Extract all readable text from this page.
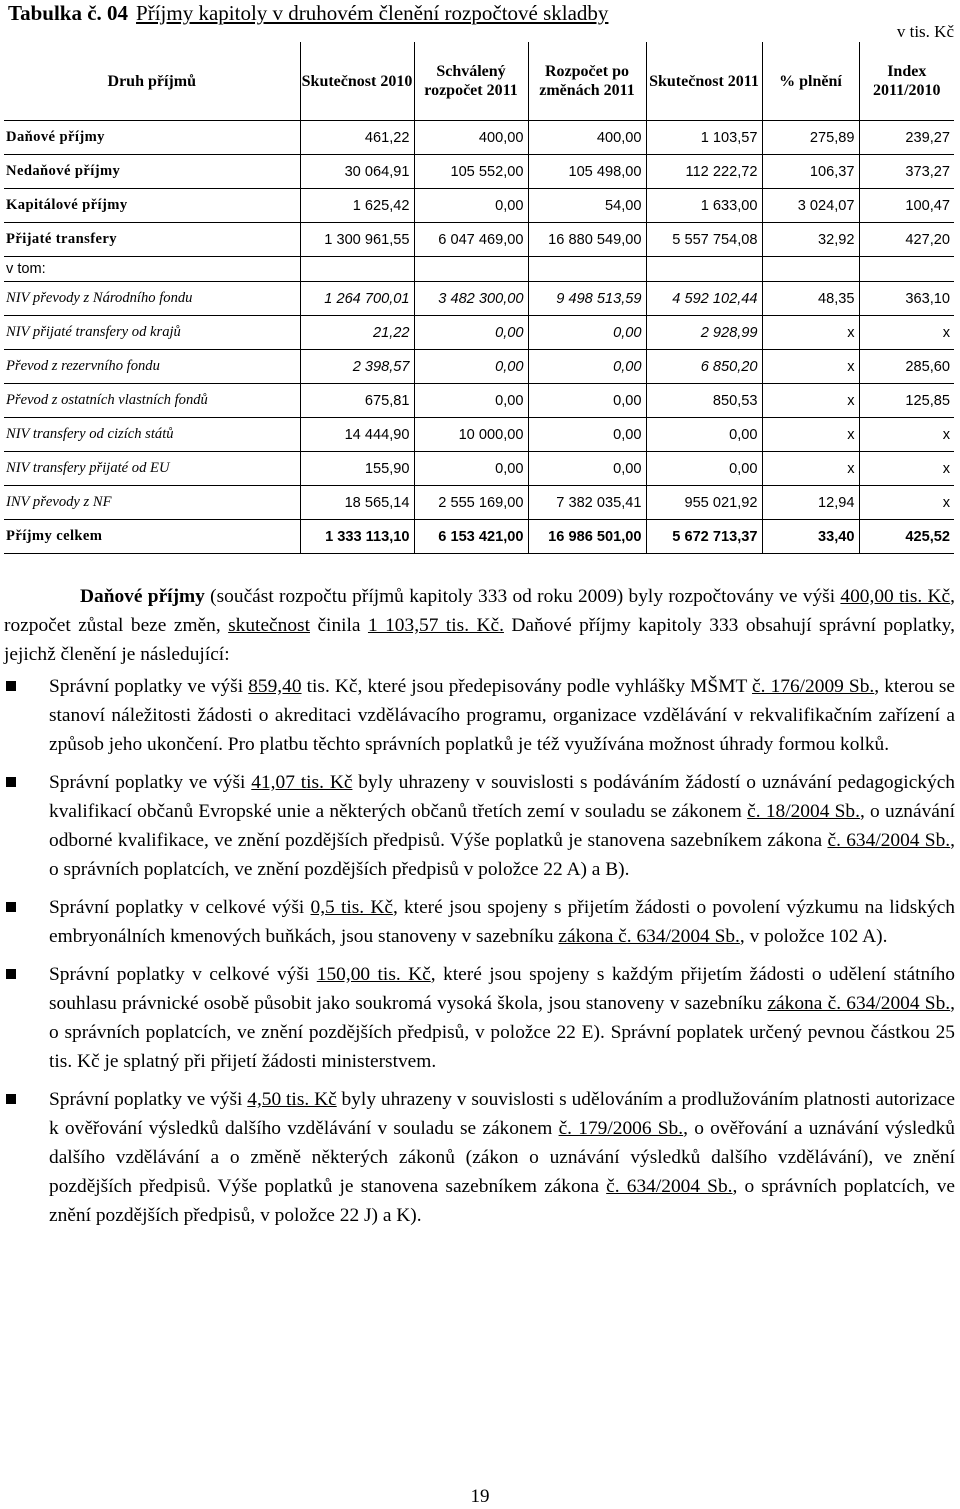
Tabulka č. 04 Příjmy kapitoly v druhovém členění rozpočtové skladby
v tis. Kč
Druh příjmů	Skutečnost 2010	Schválený rozpočet 2011	Rozpočet po změnách 2011	Skutečnost 2011	% plnění	Index 2011/2010
Daňové příjmy	461,22	400,00	400,00	1 103,57	275,89	239,27
Nedaňové příjmy	30 064,91	105 552,00	105 498,00	112 222,72	106,37	373,27
Kapitálové příjmy	1 625,42	0,00	54,00	1 633,00	3 024,07	100,47
Přijaté transfery	1 300 961,55	6 047 469,00	16 880 549,00	5 557 754,08	32,92	427,20
v tom:						
NIV převody z Národního fondu	1 264 700,01	3 482 300,00	9 498 513,59	4 592 102,44	48,35	363,10
NIV přijaté transfery od krajů	21,22	0,00	0,00	2 928,99	x	x
Převod z rezervního fondu	2 398,57	0,00	0,00	6 850,20	x	285,60
Převod z ostatních vlastních fondů	675,81	0,00	0,00	850,53	x	125,85
NIV transfery od cizích států	14 444,90	10 000,00	0,00	0,00	x	x
NIV transfery přijaté od EU	155,90	0,00	0,00	0,00	x	x
INV převody z NF	18 565,14	2 555 169,00	7 382 035,41	955 021,92	12,94	x
Příjmy celkem	1 333 113,10	6 153 421,00	16 986 501,00	5 672 713,37	33,40	425,52

Daňové příjmy (součást rozpočtu příjmů kapitoly 333 od roku 2009) byly rozpočtovány ve výši 400,00 tis. Kč, rozpočet zůstal beze změn, skutečnost činila 1 103,57 tis. Kč. Daňové příjmy kapitoly 333 obsahují správní poplatky, jejichž členění je následující:

Správní poplatky ve výši 859,40 tis. Kč, které jsou předepisovány podle vyhlášky MŠMT č. 176/2009 Sb., kterou se stanoví náležitosti žádosti o akreditaci vzdělávacího programu, organizace vzdělávání v rekvalifikačním zařízení a způsob jeho ukončení. Pro platbu těchto správních poplatků je též využívána možnost úhrady formou kolků.
Správní poplatky ve výši 41,07 tis. Kč byly uhrazeny v souvislosti s podáváním žádostí o uznávání pedagogických kvalifikací občanů Evropské unie a některých občanů třetích zemí v souladu se zákonem č. 18/2004 Sb., o uznávání odborné kvalifikace, ve znění pozdějších předpisů. Výše poplatků je stanovena sazebníkem zákona č. 634/2004 Sb., o správních poplatcích, ve znění pozdějších předpisů v položce 22 A) a B).
Správní poplatky v celkové výši 0,5 tis. Kč, které jsou spojeny s přijetím žádosti o povolení výzkumu na lidských embryonálních kmenových buňkách, jsou stanoveny v sazebníku zákona č. 634/2004 Sb., v položce 102 A).
Správní poplatky v celkové výši 150,00 tis. Kč, které jsou spojeny s každým přijetím žádosti o udělení státního souhlasu právnické osobě působit jako soukromá vysoká škola, jsou stanoveny v sazebníku zákona č. 634/2004 Sb., o správních poplatcích, ve znění pozdějších předpisů, v položce 22 E). Správní poplatek určený pevnou částkou 25 tis. Kč je splatný při přijetí žádosti ministerstvem.
Správní poplatky ve výši 4,50 tis. Kč byly uhrazeny v souvislosti s udělováním a prodlužováním platnosti autorizace k ověřování výsledků dalšího vzdělávání v souladu se zákonem č. 179/2006 Sb., o ověřování a uznávání výsledků dalšího vzdělávání a o změně některých zákonů (zákon o uznávání výsledků dalšího vzdělávání), ve znění pozdějších předpisů. Výše poplatků je stanovena sazebníkem zákona č. 634/2004 Sb., o správních poplatcích, ve znění pozdějších předpisů, v položce 22 J) a K).
19
